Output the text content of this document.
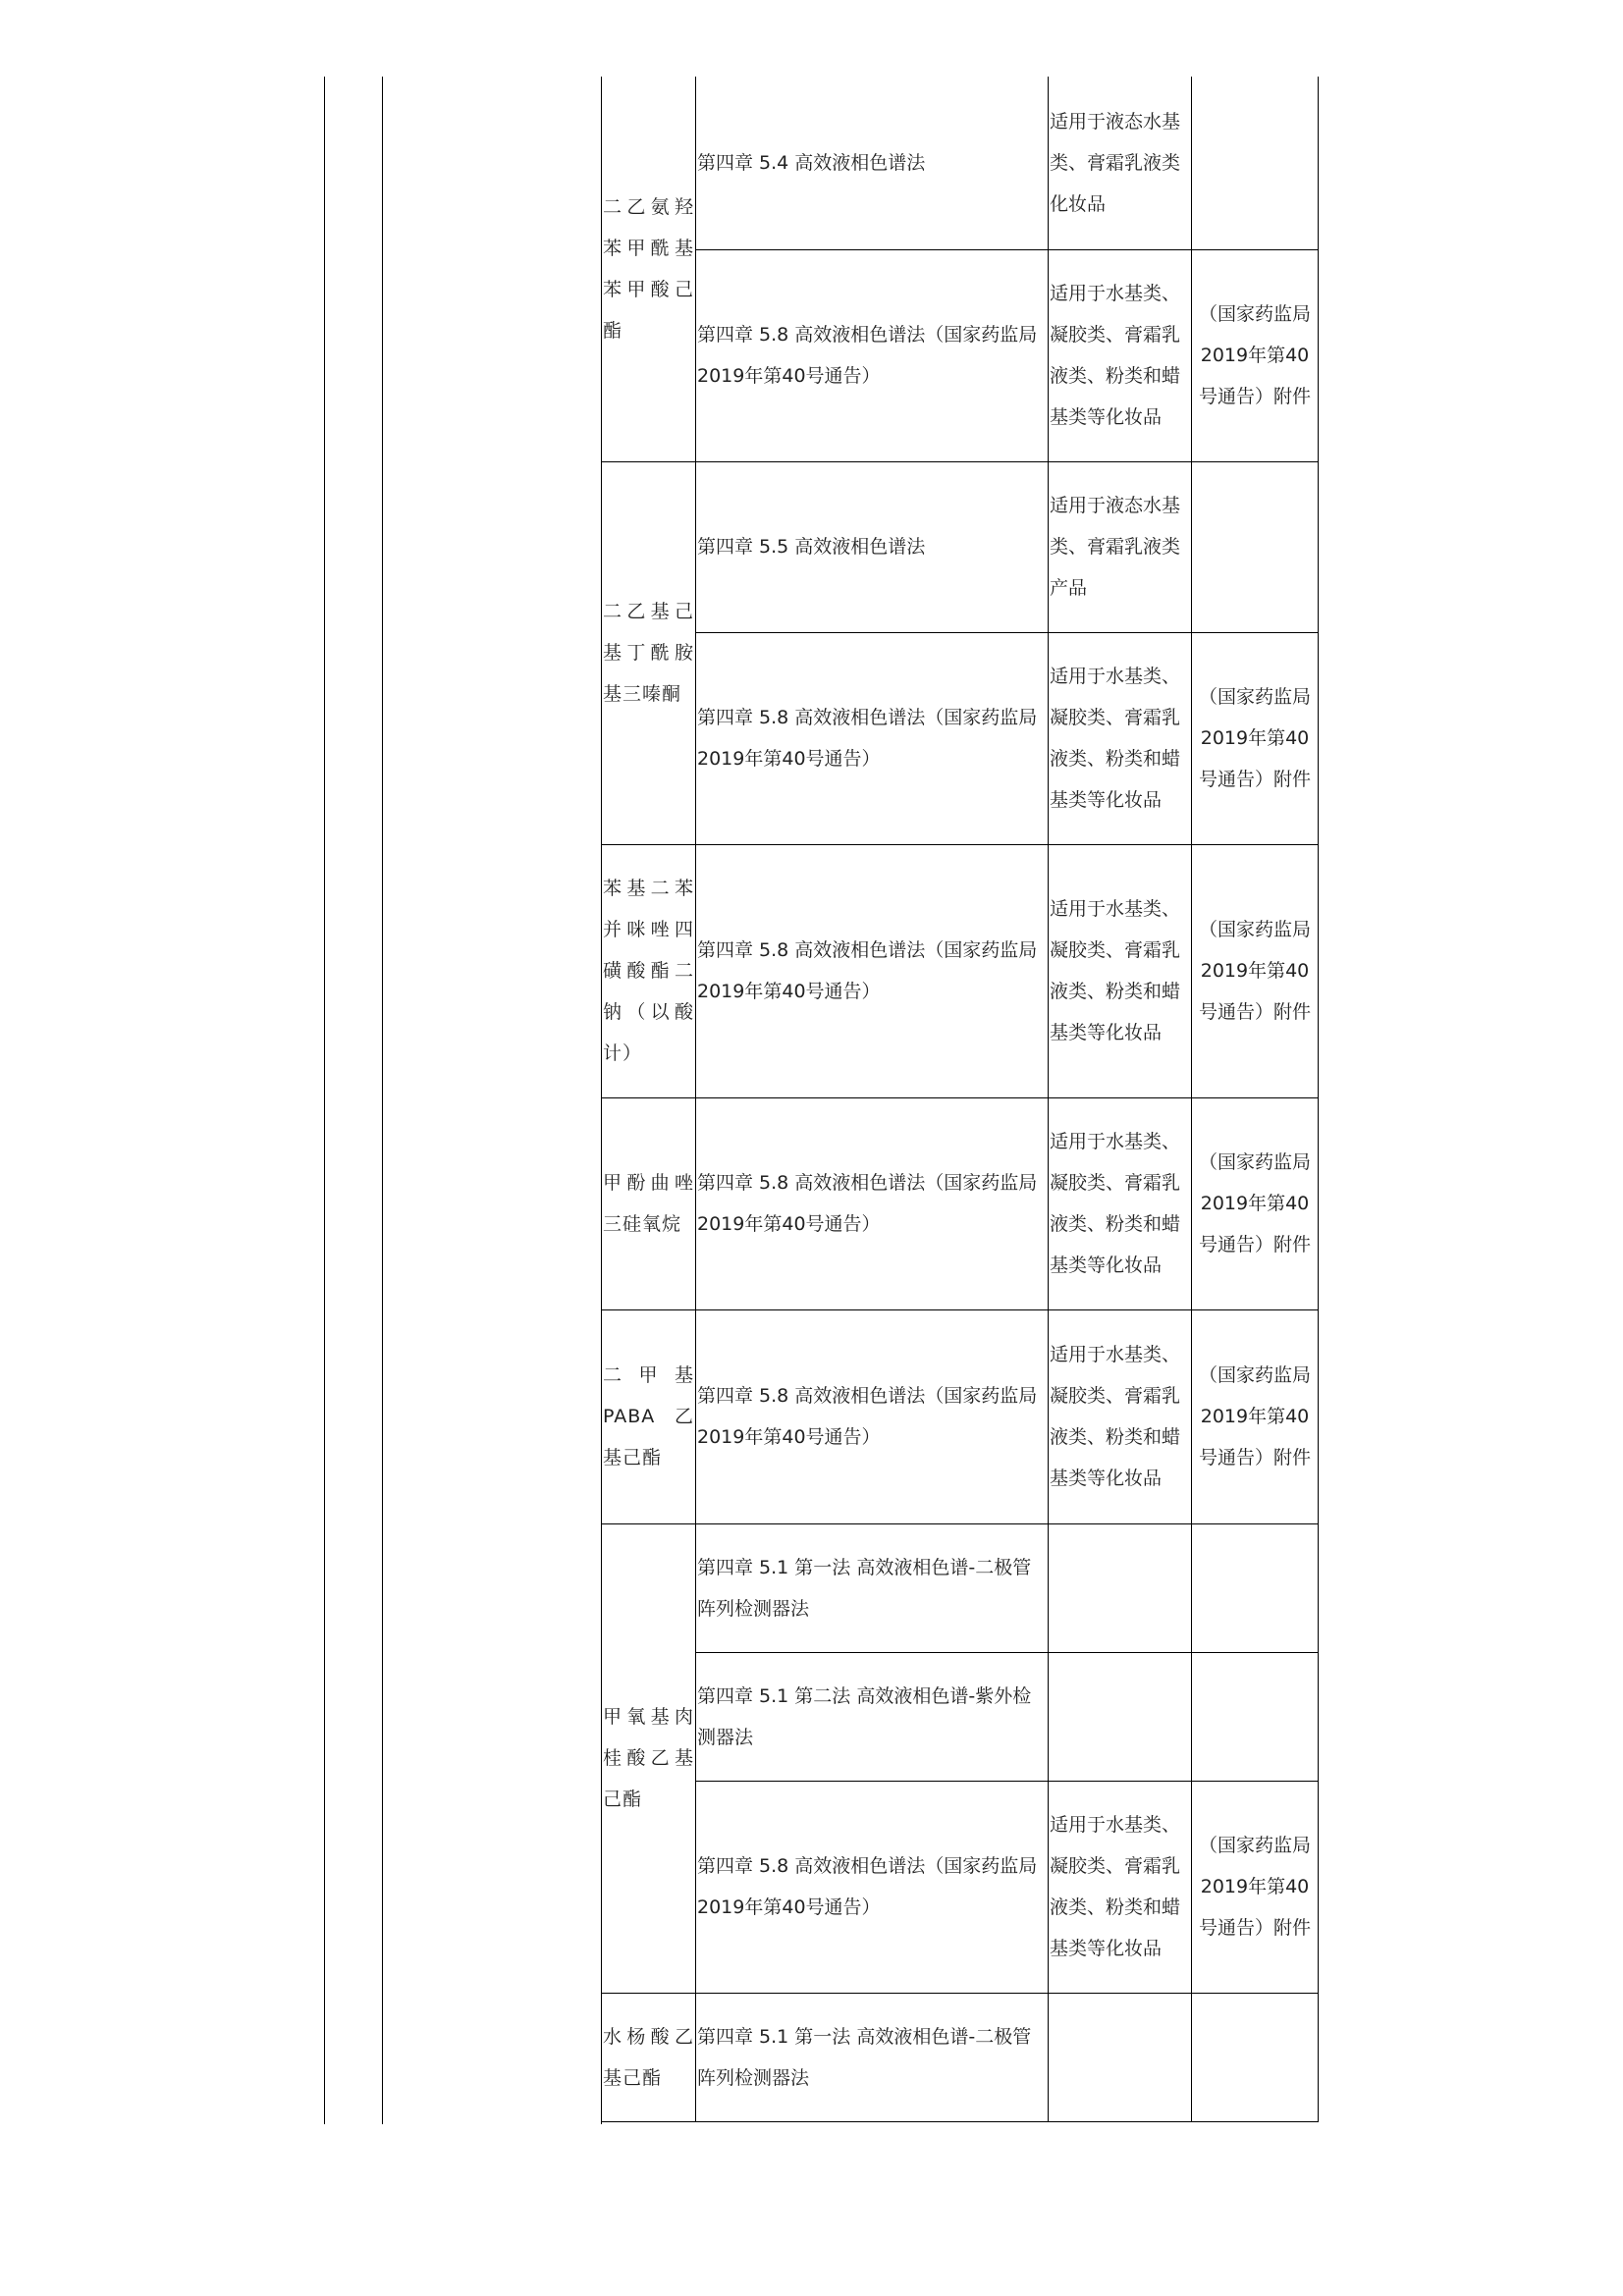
二乙氨羟苯甲酰基苯甲酸己酯	第四章 5.4 高效液相色谱法	适用于液态水基类、膏霜乳液类化妆品	
	第四章 5.8 高效液相色谱法（国家药监局2019年第40号通告）	适用于水基类、凝胶类、膏霜乳液类、粉类和蜡基类等化妆品	（国家药监局2019年第40号通告）附件
二乙基己基丁酰胺基三嗪酮	第四章 5.5 高效液相色谱法	适用于液态水基类、膏霜乳液类产品	
	第四章 5.8 高效液相色谱法（国家药监局2019年第40号通告）	适用于水基类、凝胶类、膏霜乳液类、粉类和蜡基类等化妆品	（国家药监局2019年第40号通告）附件
苯基二苯并咪唑四磺酸酯二钠（以酸计）	第四章 5.8 高效液相色谱法（国家药监局2019年第40号通告）	适用于水基类、凝胶类、膏霜乳液类、粉类和蜡基类等化妆品	（国家药监局2019年第40号通告）附件
甲酚曲唑三硅氧烷	第四章 5.8 高效液相色谱法（国家药监局2019年第40号通告）	适用于水基类、凝胶类、膏霜乳液类、粉类和蜡基类等化妆品	（国家药监局2019年第40号通告）附件
二甲基PABA乙基己酯	第四章 5.8 高效液相色谱法（国家药监局2019年第40号通告）	适用于水基类、凝胶类、膏霜乳液类、粉类和蜡基类等化妆品	（国家药监局2019年第40号通告）附件
甲氧基肉桂酸乙基己酯	第四章 5.1 第一法 高效液相色谱-二极管阵列检测器法		
	第四章 5.1 第二法 高效液相色谱-紫外检测器法		
	第四章 5.8 高效液相色谱法（国家药监局2019年第40号通告）	适用于水基类、凝胶类、膏霜乳液类、粉类和蜡基类等化妆品	（国家药监局2019年第40号通告）附件
水杨酸乙基己酯	第四章 5.1 第一法 高效液相色谱-二极管阵列检测器法		
